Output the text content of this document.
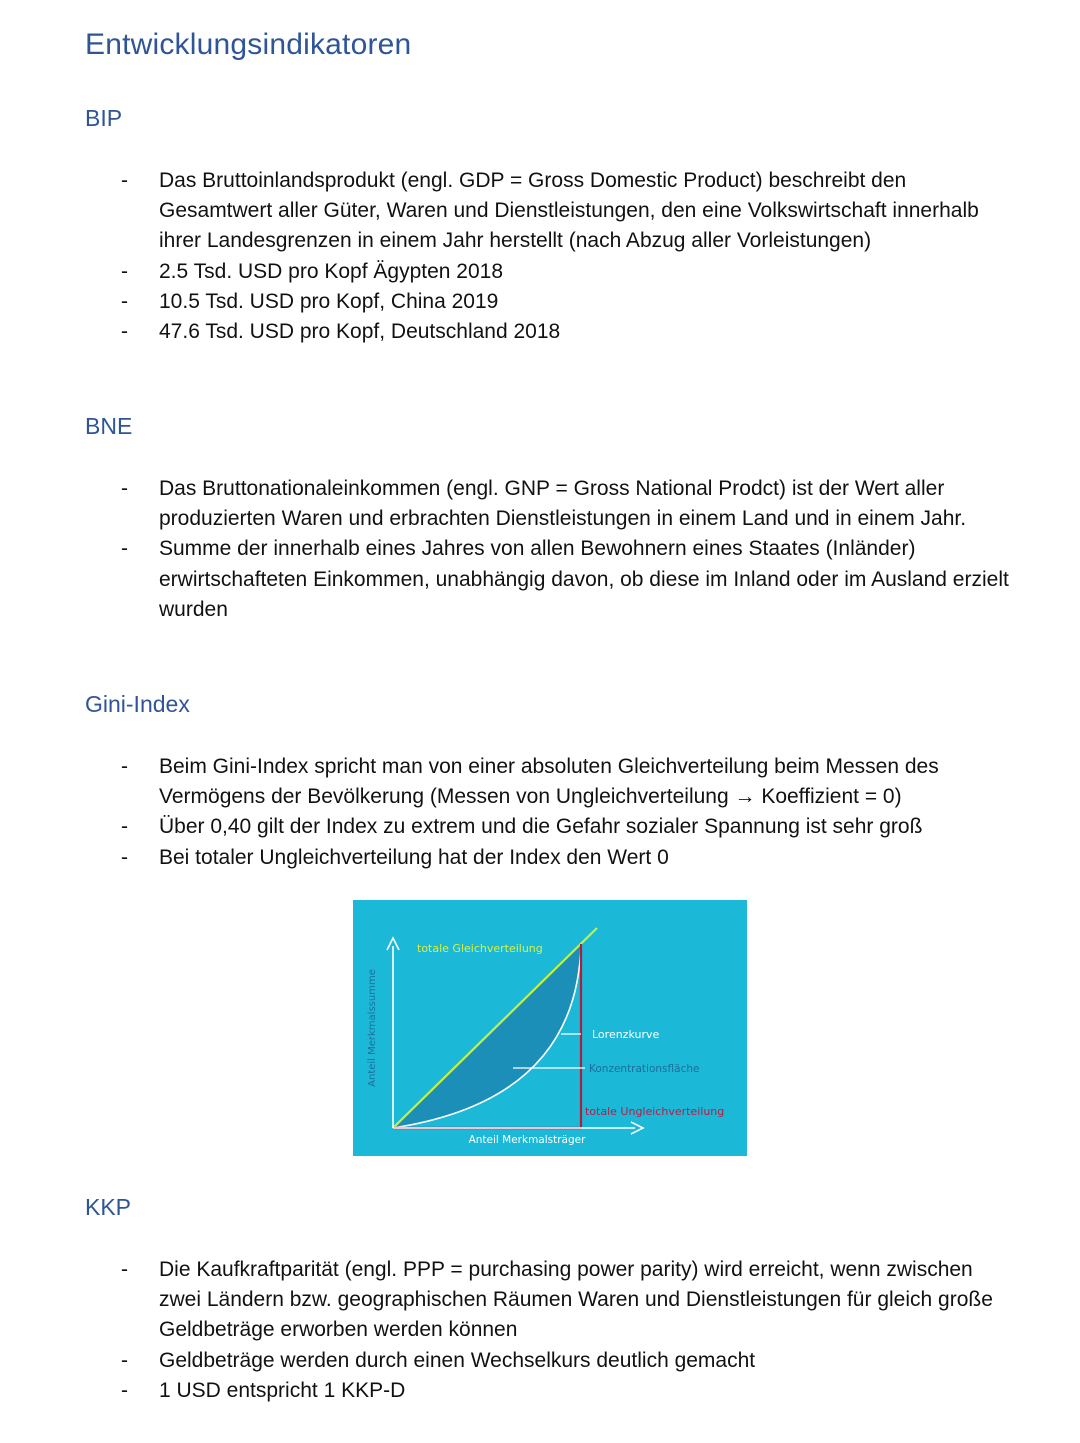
Entwicklungsindikatoren
BIP
- Das Bruttoinlandsprodukt (engl. GDP = Gross Domestic Product) beschreibt den Gesamtwert aller Güter, Waren und Dienstleistungen, den eine Volkswirtschaft innerhalb ihrer Landesgrenzen in einem Jahr herstellt (nach Abzug aller Vorleistungen)
- 2.5 Tsd. USD pro Kopf Ägypten 2018
- 10.5 Tsd. USD pro Kopf, China 2019
- 47.6 Tsd. USD pro Kopf, Deutschland 2018
BNE
- Das Bruttonationaleinkommen (engl. GNP = Gross National Prodct) ist der Wert aller produzierten Waren und erbrachten Dienstleistungen in einem Land und in einem Jahr.
- Summe der innerhalb eines Jahres von allen Bewohnern eines Staates (Inländer) erwirtschafteten Einkommen, unabhängig davon, ob diese im Inland oder im Ausland erzielt wurden
Gini-Index
- Beim Gini-Index spricht man von einer absoluten Gleichverteilung beim Messen des Vermögens der Bevölkerung (Messen von Ungleichverteilung → Koeffizient = 0)
- Über 0,40 gilt der Index zu extrem und die Gefahr sozialer Spannung ist sehr groß
- Bei totaler Ungleichverteilung hat der Index den Wert 0
totale Gleichverteilung
Anteil Merkmalssumme
Anteil Merkmalsträger
Lorenzkurve
Konzentrationsfläche
totale Ungleichverteilung
KKP
- Die Kaufkraftparität (engl. PPP = purchasing power parity) wird erreicht, wenn zwischen zwei Ländern bzw. geographischen Räumen Waren und Dienstleistungen für gleich große Geldbeträge erworben werden können
- Geldbeträge werden durch einen Wechselkurs deutlich gemacht
- 1 USD entspricht 1 KKP-D
